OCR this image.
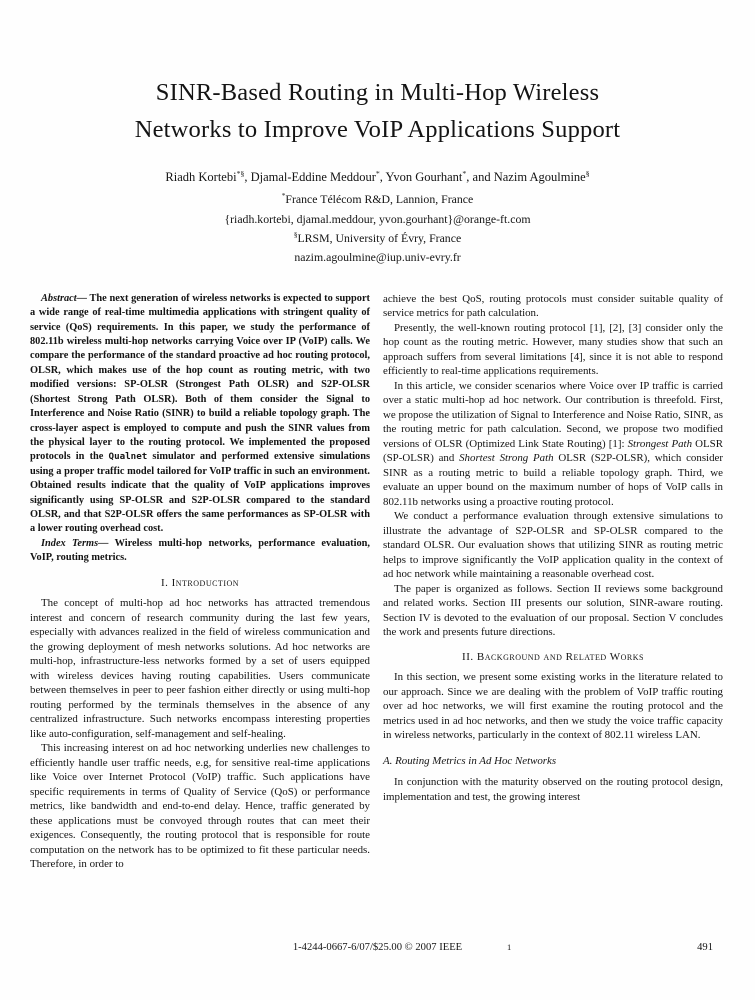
SINR-Based Routing in Multi-Hop Wireless
Networks to Improve VoIP Applications Support
Riadh Kortebi*§, Djamal-Eddine Meddour*, Yvon Gourhant*, and Nazim Agoulmine§
*France Télécom R&D, Lannion, France
{riadh.kortebi, djamal.meddour, yvon.gourhant}@orange-ft.com
§LRSM, University of Évry, France
nazim.agoulmine@iup.univ-evry.fr

Abstract— The next generation of wireless networks is expected to support a wide range of real-time multimedia applications with stringent quality of service (QoS) requirements. In this paper, we study the performance of 802.11b wireless multi-hop networks carrying Voice over IP (VoIP) calls. We compare the performance of the standard proactive ad hoc routing protocol, OLSR, which makes use of the hop count as routing metric, with two modified versions: SP-OLSR (Strongest Path OLSR) and S2P-OLSR (Shortest Strong Path OLSR). Both of them consider the Signal to Interference and Noise Ratio (SINR) to build a reliable topology graph. The cross-layer aspect is employed to compute and push the SINR values from the physical layer to the routing protocol. We implemented the proposed protocols in the Qualnet simulator and performed extensive simulations using a proper traffic model tailored for VoIP traffic in such an environment. Obtained results indicate that the quality of VoIP applications improves significantly using SP-OLSR and S2P-OLSR compared to the standard OLSR, and that S2P-OLSR offers the same performances as SP-OLSR with a lower routing overhead cost.

Index Terms— Wireless multi-hop networks, performance evaluation, VoIP, routing metrics.

I. Introduction

The concept of multi-hop ad hoc networks has attracted tremendous interest and concern of research community during the last few years, especially with advances realized in the field of wireless communication and the growing deployment of mesh networks solutions. Ad hoc networks are multi-hop, infrastructure-less networks formed by a set of users equipped with wireless devices having routing capabilities. Users communicate between themselves in peer to peer fashion either directly or using multi-hop routing performed by the terminals themselves in the absence of any centralized infrastructure. Such networks encompass interesting properties like auto-configuration, self-management and self-healing.

This increasing interest on ad hoc networking underlies new challenges to efficiently handle user traffic needs, e.g, for sensitive real-time applications like Voice over Internet Protocol (VoIP) traffic. Such applications have specific requirements in terms of Quality of Service (QoS) or performance metrics, like bandwidth and end-to-end delay. Hence, traffic generated by these applications must be convoyed through routes that can meet their exigences. Consequently, the routing protocol that is responsible for route computation on the network has to be optimized to fit these particular needs. Therefore, in order to

achieve the best QoS, routing protocols must consider suitable quality of service metrics for path calculation.

Presently, the well-known routing protocol [1], [2], [3] consider only the hop count as the routing metric. However, many studies show that such an approach suffers from several limitations [4], since it is not able to respond efficiently to real-time applications requirements.

In this article, we consider scenarios where Voice over IP traffic is carried over a static multi-hop ad hoc network. Our contribution is threefold. First, we propose the utilization of Signal to Interference and Noise Ratio, SINR, as the routing metric for path calculation. Second, we propose two modified versions of OLSR (Optimized Link State Routing) [1]: Strongest Path OLSR (SP-OLSR) and Shortest Strong Path OLSR (S2P-OLSR), which consider SINR as a routing metric to build a reliable topology graph. Third, we evaluate an upper bound on the maximum number of hops of VoIP calls in 802.11b networks using a proactive routing protocol.

We conduct a performance evaluation through extensive simulations to illustrate the advantage of S2P-OLSR and SP-OLSR compared to the standard OLSR. Our evaluation shows that utilizing SINR as routing metric helps to improve significantly the VoIP application quality in the context of ad hoc network while maintaining a reasonable overhead cost.

The paper is organized as follows. Section II reviews some background and related works. Section III presents our solution, SINR-aware routing. Section IV is devoted to the evaluation of our proposal. Section V concludes the work and presents future directions.

II. Background and Related Works

In this section, we present some existing works in the literature related to our approach. Since we are dealing with the problem of VoIP traffic routing over ad hoc networks, we will first examine the routing protocol and the metrics used in ad hoc networks, and then we study the voice traffic capacity in wireless networks, particularly in the context of 802.11 wireless LAN.

A. Routing Metrics in Ad Hoc Networks

In conjunction with the maturity observed on the routing protocol design, implementation and test, the growing interest

1-4244-0667-6/07/$25.00 © 2007 IEEE	1	491
